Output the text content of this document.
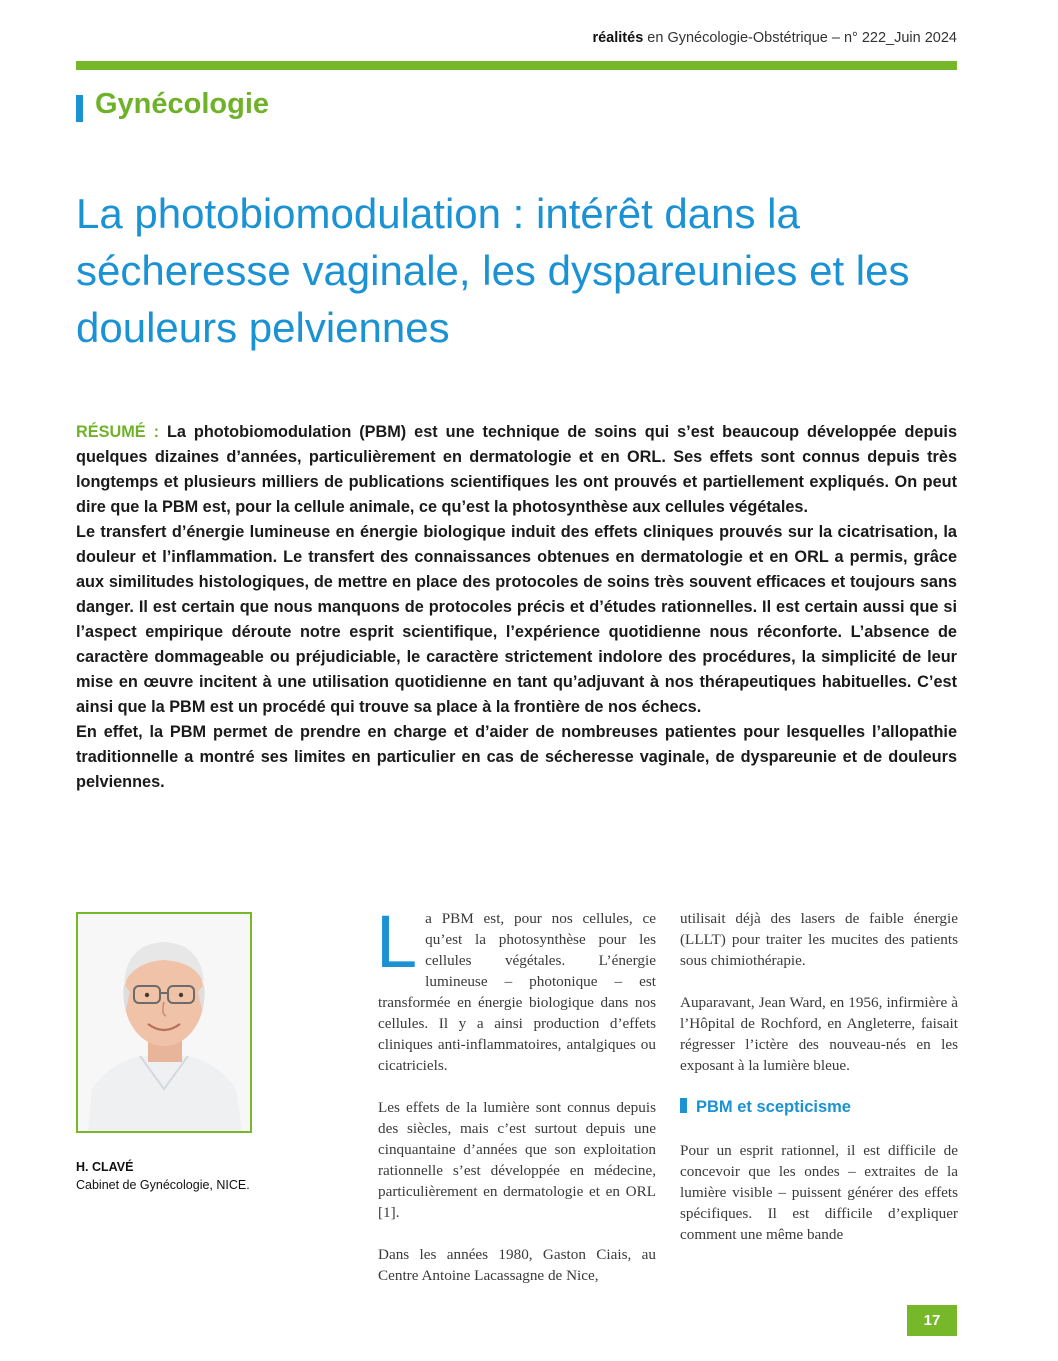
réalités en Gynécologie-Obstétrique – n° 222_Juin 2024
Gynécologie
La photobiomodulation : intérêt dans la sécheresse vaginale, les dyspareunies et les douleurs pelviennes

RÉSUMÉ : La photobiomodulation (PBM) est une technique de soins qui s’est beaucoup développée depuis quelques dizaines d’années, particulièrement en dermatologie et en ORL. Ses effets sont connus depuis très longtemps et plusieurs milliers de publications scientifiques les ont prouvés et partiellement expliqués. On peut dire que la PBM est, pour la cellule animale, ce qu’est la photosynthèse aux cellules végétales.

Le transfert d’énergie lumineuse en énergie biologique induit des effets cliniques prouvés sur la cicatrisation, la douleur et l’inflammation. Le transfert des connaissances obtenues en dermatologie et en ORL a permis, grâce aux similitudes histologiques, de mettre en place des protocoles de soins très souvent efficaces et toujours sans danger. Il est certain que nous manquons de protocoles précis et d’études rationnelles. Il est certain aussi que si l’aspect empirique déroute notre esprit scientifique, l’expérience quotidienne nous réconforte. L’absence de caractère dommageable ou préjudiciable, le caractère strictement indolore des procédures, la simplicité de leur mise en œuvre incitent à une utilisation quotidienne en tant qu’adjuvant à nos thérapeutiques habituelles. C’est ainsi que la PBM est un procédé qui trouve sa place à la frontière de nos échecs.

En effet, la PBM permet de prendre en charge et d’aider de nombreuses patientes pour lesquelles l’allopathie traditionnelle a montré ses limites en particulier en cas de sécheresse vaginale, de dyspareunie et de douleurs pelviennes.

H. CLAVÉ
Cabinet de Gynécologie, NICE.

La PBM est, pour nos cellules, ce qu’est la photosynthèse pour les cellules végétales. L’énergie lumineuse – photonique – est transformée en énergie biologique dans nos cellules. Il y a ainsi production d’effets cliniques anti-inflammatoires, antalgiques ou cicatriciels.

Les effets de la lumière sont connus depuis des siècles, mais c’est surtout depuis une cinquantaine d’années que son exploitation rationnelle s’est développée en médecine, particulièrement en dermatologie et en ORL [1].

Dans les années 1980, Gaston Ciais, au Centre Antoine Lacassagne de Nice,

utilisait déjà des lasers de faible énergie (LLLT) pour traiter les mucites des patients sous chimiothérapie.

Auparavant, Jean Ward, en 1956, infirmière à l’Hôpital de Rochford, en Angleterre, faisait régresser l’ictère des nouveau-nés en les exposant à la lumière bleue.

PBM et scepticisme

Pour un esprit rationnel, il est difficile de concevoir que les ondes – extraites de la lumière visible – puissent générer des effets spécifiques. Il est difficile d’expliquer comment une même bande

17
